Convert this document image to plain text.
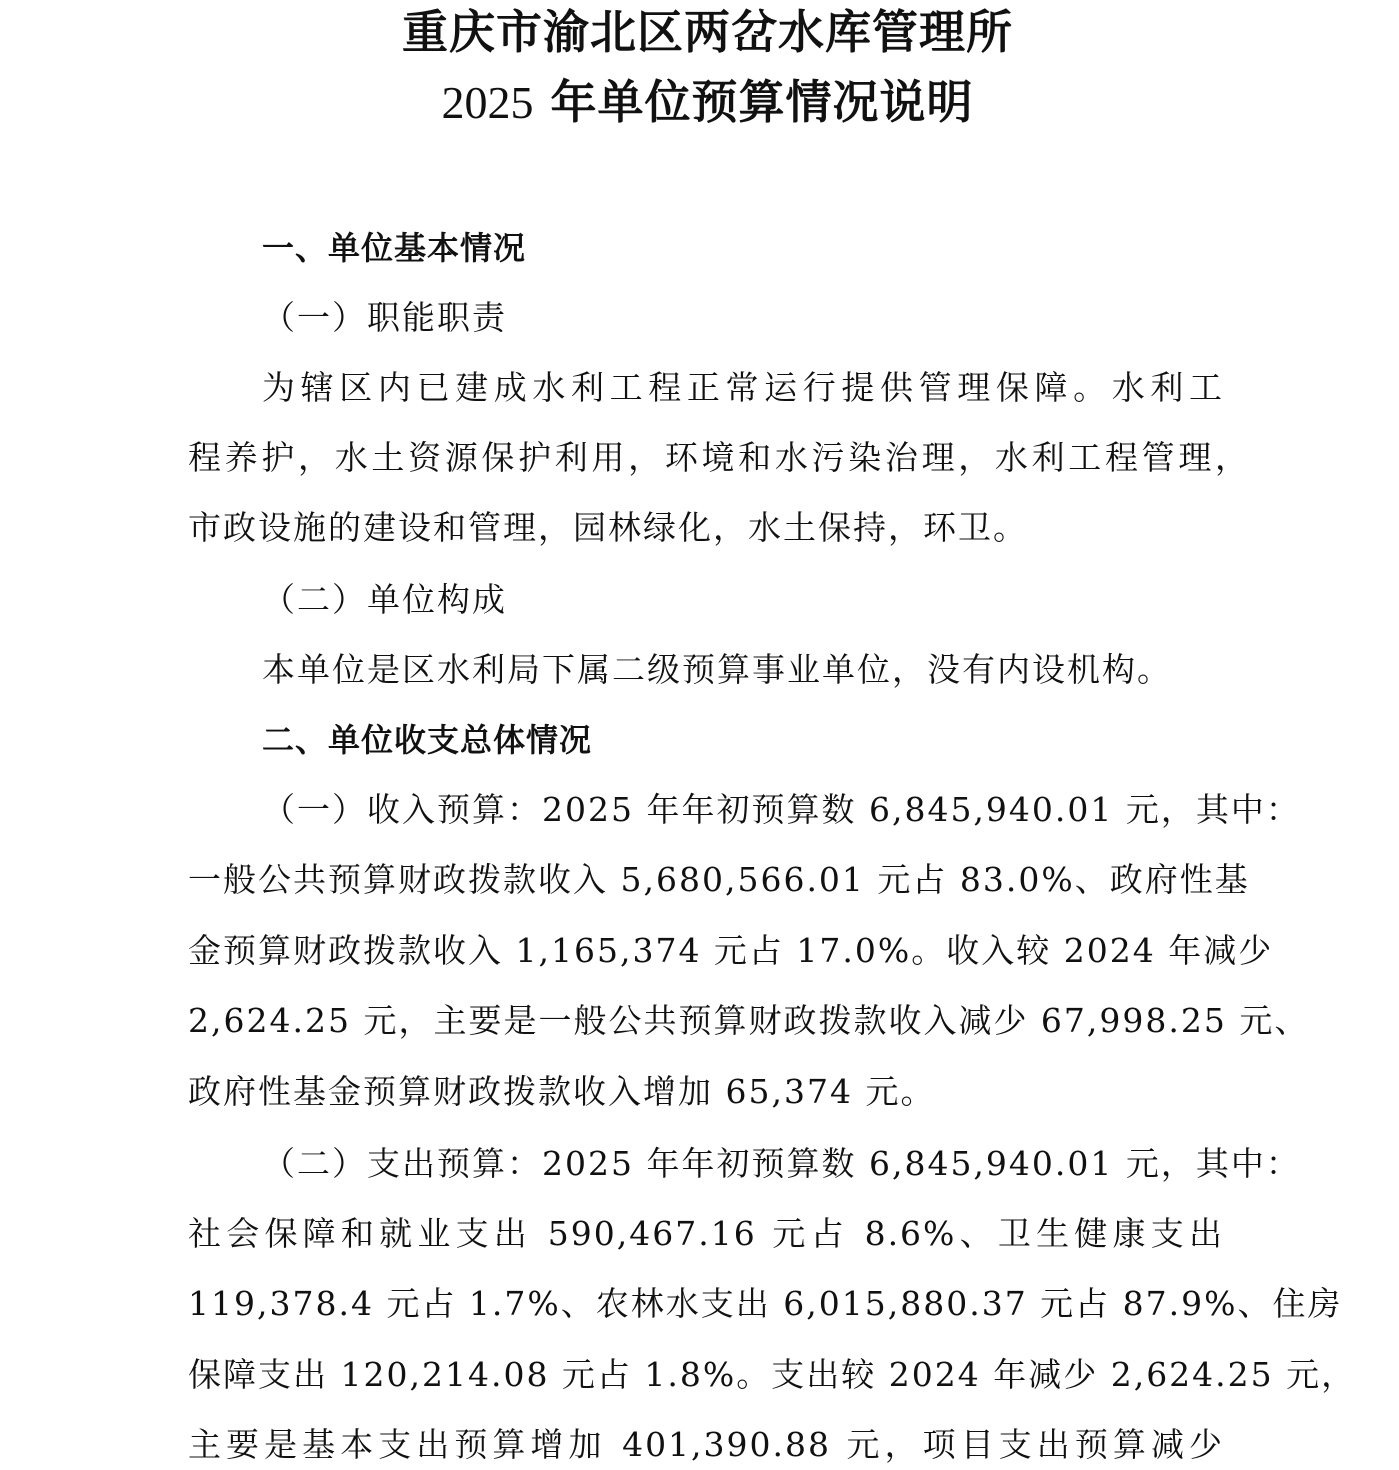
重庆市渝北区两岔水库管理所
2025 年单位预算情况说明

一、单位基本情况

（一）职能职责

为辖区内已建成水利工程正常运行提供管理保障。水利工

程养护，水土资源保护利用，环境和水污染治理，水利工程管理，

市政设施的建设和管理，园林绿化，水土保持，环卫。

（二）单位构成

本单位是区水利局下属二级预算事业单位，没有内设机构。

二、单位收支总体情况

（一）收入预算：2025 年年初预算数 6,845,940.01 元，其中：

一般公共预算财政拨款收入 5,680,566.01 元占 83.0%、政府性基

金预算财政拨款收入 1,165,374 元占 17.0%。收入较 2024 年减少

2,624.25 元，主要是一般公共预算财政拨款收入减少 67,998.25 元、

政府性基金预算财政拨款收入增加 65,374 元。

（二）支出预算：2025 年年初预算数 6,845,940.01 元，其中：

社会保障和就业支出 590,467.16 元占 8.6%、卫生健康支出

119,378.4 元占 1.7%、农林水支出 6,015,880.37 元占 87.9%、住房

保障支出 120,214.08 元占 1.8%。支出较 2024 年减少 2,624.25 元，

主要是基本支出预算增加 401,390.88 元，项目支出预算减少
